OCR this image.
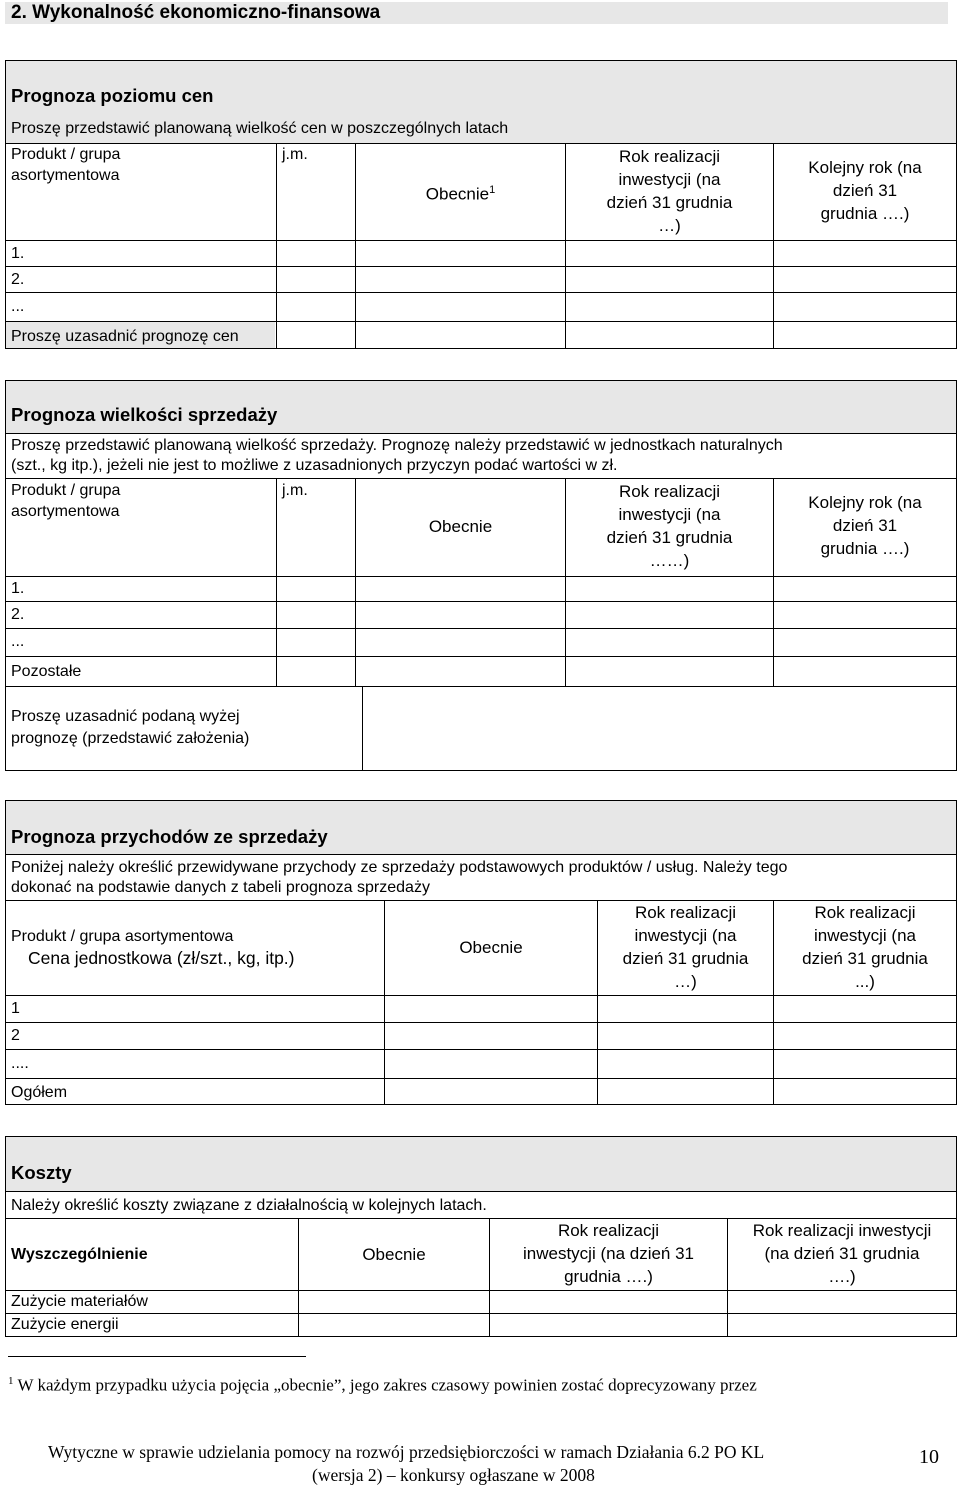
2. Wykonalność ekonomiczno-finansowa
Prognoza poziomu cen
Proszę przedstawić planowaną wielkość cen w poszczególnych latach
Produkt / grupa
asortymentowa
j.m.
Obecnie$^1$
Rok realizacji
inwestycji (na
dzień 31 grudnia
…)
Kolejny rok (na
dzień 31
grudnia ….)
1.
2.
...
Proszę uzasadnić prognozę cen
Prognoza wielkości sprzedaży
Proszę przedstawić planowaną wielkość sprzedaży. Prognozę należy przedstawić w jednostkach naturalnych
(szt., kg itp.), jeżeli nie jest to możliwe z uzasadnionych przyczyn podać wartości w zł.
Produkt / grupa
asortymentowa
j.m.
Obecnie
Rok realizacji
inwestycji (na
dzień 31 grudnia
……)
Kolejny rok (na
dzień 31
grudnia ….)
1.
2.
...
Pozostałe
Proszę uzasadnić podaną wyżej
prognozę (przedstawić założenia)
Prognoza przychodów ze sprzedaży
Poniżej należy określić przewidywane przychody ze sprzedaży podstawowych produktów / usług. Należy tego
dokonać na podstawie danych z tabeli prognoza sprzedaży
Produkt / grupa asortymentowa
Cena jednostkowa (zł/szt., kg, itp.)
Obecnie
Rok realizacji
inwestycji (na
dzień 31 grudnia
…)
Rok realizacji
inwestycji (na
dzień 31 grudnia
...)
1
2
....
Ogółem
Koszty
Należy określić koszty związane z działalnością w kolejnych latach.
Wyszczególnienie	Obecnie
Rok realizacji
inwestycji (na dzień 31
grudnia ….)
Rok realizacji inwestycji
(na dzień 31 grudnia
….)
Zużycie materiałów
Zużycie energii
$^1$ W każdym przypadku użycia pojęcia „obecnie”, jego zakres czasowy powinien zostać doprecyzowany przez
Wytyczne w sprawie udzielania pomocy na rozwój przedsiębiorczości w ramach Działania 6.2 PO KL
(wersja 2) – konkursy ogłaszane w 2008
10
